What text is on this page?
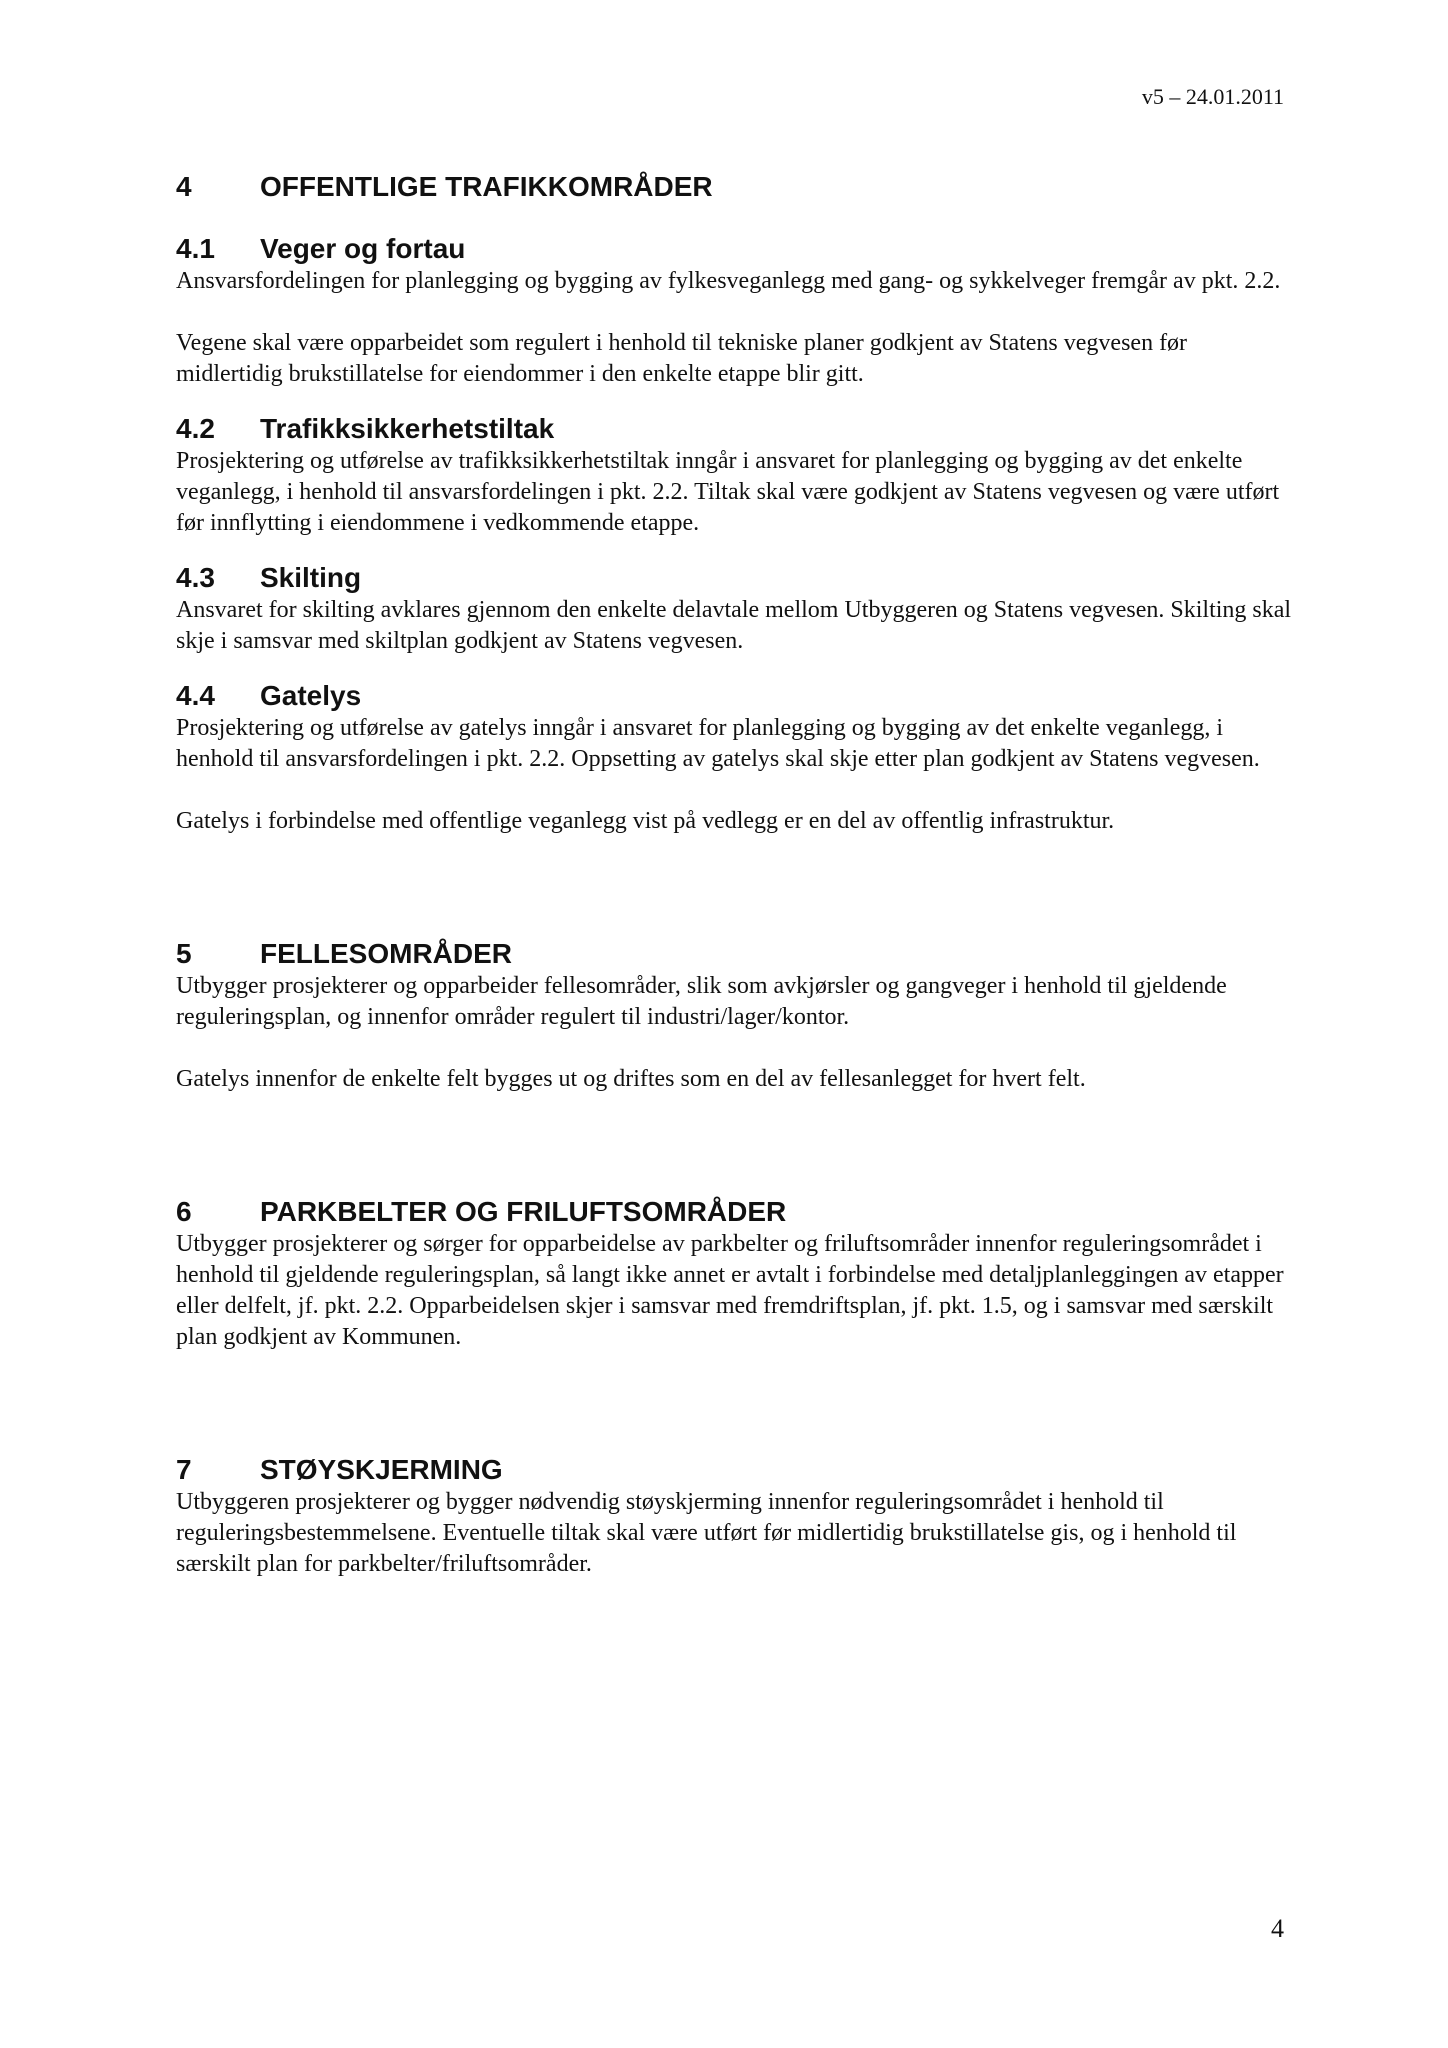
v5 – 24.01.2011
4	OFFENTLIGE TRAFIKKOMRÅDER
4.1	Veger og fortau

Ansvarsfordelingen for planlegging og bygging av fylkesveganlegg med gang- og sykkelveger fremgår av pkt. 2.2.

Vegene skal være opparbeidet som regulert i henhold til tekniske planer godkjent av Statens vegvesen før midlertidig brukstillatelse for eiendommer i den enkelte etappe blir gitt.

4.2	Trafikksikkerhetstiltak

Prosjektering og utførelse av trafikksikkerhetstiltak inngår i ansvaret for planlegging og bygging av det enkelte veganlegg, i henhold til ansvarsfordelingen i pkt. 2.2. Tiltak skal være godkjent av Statens vegvesen og være utført før innflytting i eiendommene i vedkommende etappe.

4.3	Skilting

Ansvaret for skilting avklares gjennom den enkelte delavtale mellom Utbyggeren og Statens vegvesen. Skilting skal skje i samsvar med skiltplan godkjent av Statens vegvesen.

4.4	Gatelys

Prosjektering og utførelse av gatelys inngår i ansvaret for planlegging og bygging av det enkelte veganlegg, i henhold til ansvarsfordelingen i pkt. 2.2. Oppsetting av gatelys skal skje etter plan godkjent av Statens vegvesen.

Gatelys i forbindelse med offentlige veganlegg vist på vedlegg er en del av offentlig infrastruktur.

5	FELLESOMRÅDER

Utbygger prosjekterer og opparbeider fellesområder, slik som avkjørsler og gangveger i henhold til gjeldende reguleringsplan, og innenfor områder regulert til industri/lager/kontor.

Gatelys innenfor de enkelte felt bygges ut og driftes som en del av fellesanlegget for hvert felt.

6	PARKBELTER OG FRILUFTSOMRÅDER

Utbygger prosjekterer og sørger for opparbeidelse av parkbelter og friluftsområder innenfor reguleringsområdet i henhold til gjeldende reguleringsplan, så langt ikke annet er avtalt i forbindelse med detaljplanleggingen av etapper eller delfelt, jf. pkt. 2.2. Opparbeidelsen skjer i samsvar med fremdriftsplan, jf. pkt. 1.5, og i samsvar med særskilt plan godkjent av Kommunen.

7	STØYSKJERMING

Utbyggeren prosjekterer og bygger nødvendig støyskjerming innenfor reguleringsområdet i henhold til reguleringsbestemmelsene. Eventuelle tiltak skal være utført før midlertidig brukstillatelse gis, og i henhold til særskilt plan for parkbelter/friluftsområder.

4
